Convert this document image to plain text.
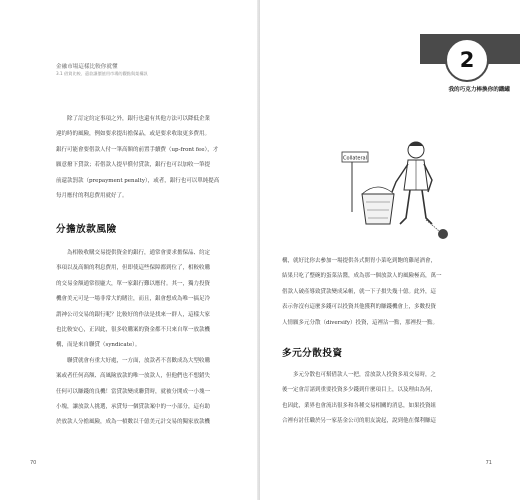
金融市場這樣比較你就懂
3.1 借貸比較、還款讓價值用市場的觀點與架構訊
除了訂定約定事項之外，銀行也還有其他方法可以降低企業
違約時的風險，例如要求提出擔保品，或是要求收取更多費用。
銀行可能會要借款人付一筆高額的前置手續費（up-front fee），才
願意撥下貸款；若借款人提早償付貸款，銀行也可以加收一筆提
前還款罰款（prepayment penalty），或者，銀行也可以單純提高
每月應付的利息費用就好了。
分擔放款風險
為相較收購交易提供資金的銀行，通常會要求擔保品、約定
事項以及高額的利息費用，但即使這些保障都到位了，相較收購
的交易金額通常很龐大，單一家銀行難以應付。其一，獨力投資
機會美元可是一場非常大的賭注，而且，銀會想成為唯一搞足冷
謂神公司交易的銀行呢？比較好的作法是找來一群人，這樣大家
也比較安心，正因此，很多收購案的資金都不只來自單一放款機
構，而是來自聯貸（syndicate）。
聯貸就會有重大好處，一方面，放款者不喜歡成為大型收購
案或者任何高額、高風險放款的唯一放款人，但他們也不想錯失
任何可以賺錢的良機！當貸款變成聯貸時，就被分開成一小塊一
小塊，讓放款人挑選，承貸每一個貸款案中的一小部分，這有助
於放款人分擔風險，成為一槓數以千億美元計交易的獨家放款機
70
2
我的巧克力棒換你的鐵罐
Collateral
構，就好比你去參加一場提供各式開胃小菜吃到飽的雞尾酒會，
結果只吃了整碗的蛋菜沾醬，成為那一個放款人的風險極高，萬一
借款人破產導致貸款變成呆帳，就一下子損失幾十億。此外，這
表示你沒有這麼多錢可以投資其他獲利的賺錢機會上，多數投資
人情願多元分散（diversify）投資，這裡沾一點，那裡投一點。
多元分散投資
多元分散也可幫借款人一把，當放款人投資多項交易時，之
後一定會訂諸到重要投資多少錢到什麼項目上，以及理由為何，
也因此，業界也會流出很多和各種交易相關的消息，如果投資組
合裡有討任職於另一家基金公司的朋友說起，說到他在傑利賺這
71
